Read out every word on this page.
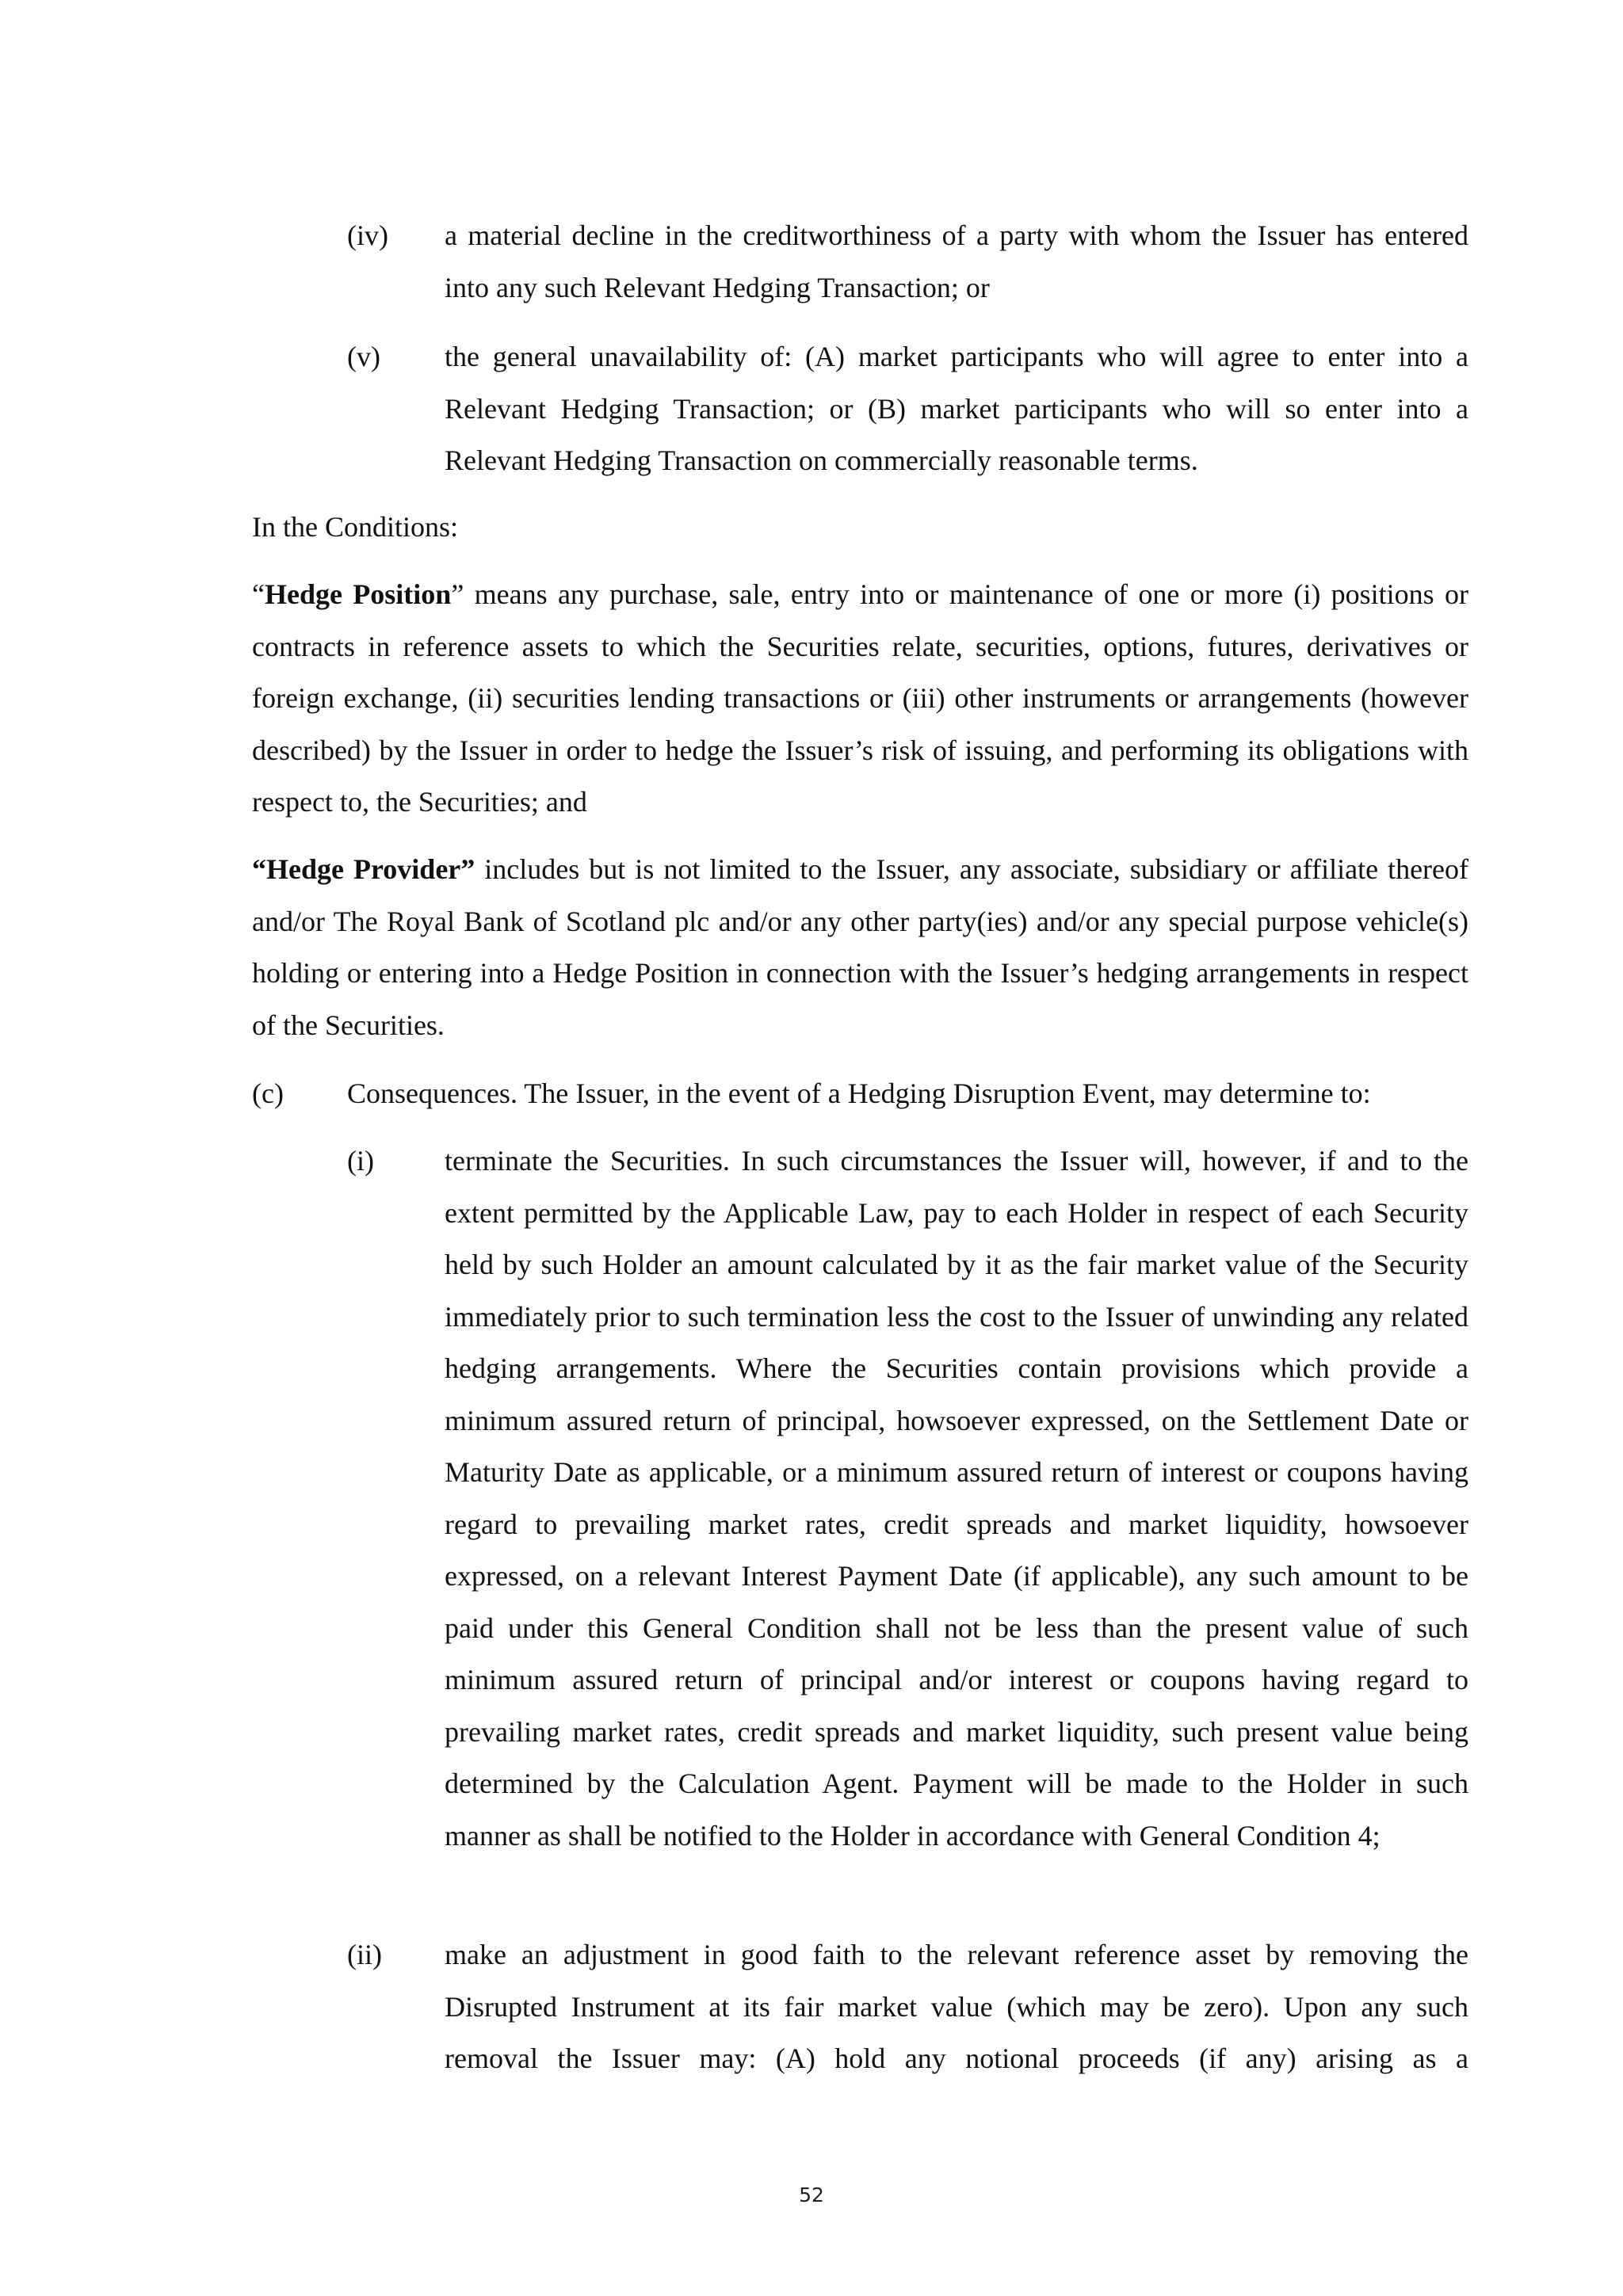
(iv) a material decline in the creditworthiness of a party with whom the Issuer has entered into any such Relevant Hedging Transaction; or
(v) the general unavailability of: (A) market participants who will agree to enter into a Relevant Hedging Transaction; or (B) market participants who will so enter into a Relevant Hedging Transaction on commercially reasonable terms.
In the Conditions:
“Hedge Position” means any purchase, sale, entry into or maintenance of one or more (i) positions or contracts in reference assets to which the Securities relate, securities, options, futures, derivatives or foreign exchange, (ii) securities lending transactions or (iii) other instruments or arrangements (however described) by the Issuer in order to hedge the Issuer’s risk of issuing, and performing its obligations with respect to, the Securities; and
“Hedge Provider” includes but is not limited to the Issuer, any associate, subsidiary or affiliate thereof and/or The Royal Bank of Scotland plc and/or any other party(ies) and/or any special purpose vehicle(s) holding or entering into a Hedge Position in connection with the Issuer’s hedging arrangements in respect of the Securities.
(c) Consequences. The Issuer, in the event of a Hedging Disruption Event, may determine to:
(i) terminate the Securities. In such circumstances the Issuer will, however, if and to the extent permitted by the Applicable Law, pay to each Holder in respect of each Security held by such Holder an amount calculated by it as the fair market value of the Security immediately prior to such termination less the cost to the Issuer of unwinding any related hedging arrangements. Where the Securities contain provisions which provide a minimum assured return of principal, howsoever expressed, on the Settlement Date or Maturity Date as applicable, or a minimum assured return of interest or coupons having regard to prevailing market rates, credit spreads and market liquidity, howsoever expressed, on a relevant Interest Payment Date (if applicable), any such amount to be paid under this General Condition shall not be less than the present value of such minimum assured return of principal and/or interest or coupons having regard to prevailing market rates, credit spreads and market liquidity, such present value being determined by the Calculation Agent. Payment will be made to the Holder in such manner as shall be notified to the Holder in accordance with General Condition 4;
(ii) make an adjustment in good faith to the relevant reference asset by removing the Disrupted Instrument at its fair market value (which may be zero). Upon any such removal the Issuer may: (A) hold any notional proceeds (if any) arising as a
52
